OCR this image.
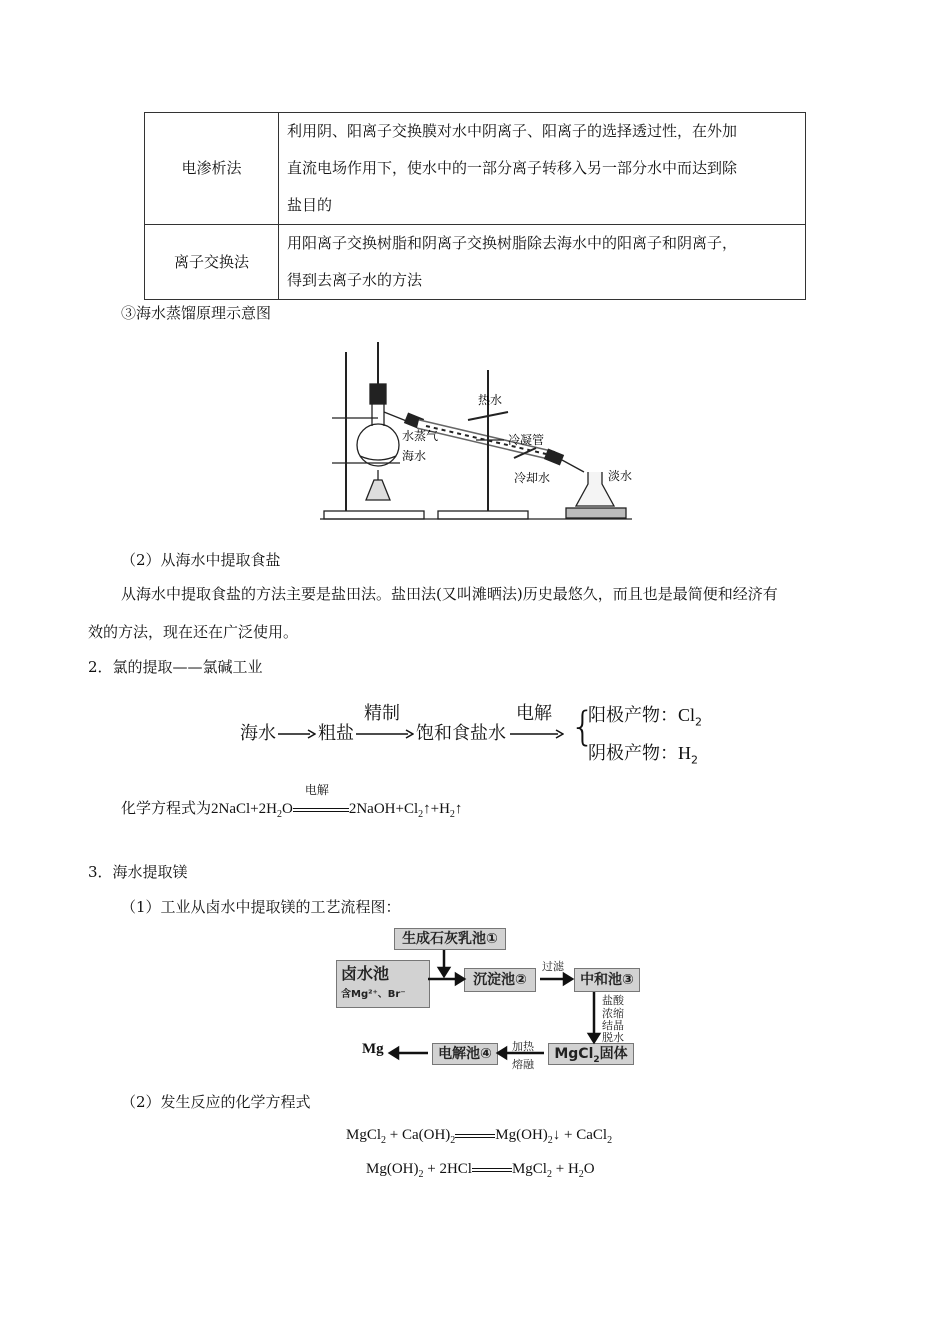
电渗析法	利用阴、阳离子交换膜对水中阴离子、阳离子的选择透过性，在外加
直流电场作用下，使水中的一部分离子转移入另一部分水中而达到除
盐目的

离子交换法	用阳离子交换树脂和阴离子交换树脂除去海水中的阳离子和阴离子，
得到去离子水的方法
③海水蒸馏原理示意图
热水
冷凝管
水蒸气
海水
冷却水	淡水
（2）从海水中提取食盐
从海水中提取食盐的方法主要是盐田法。盐田法(又叫滩晒法)历史最悠久，而且也是最简便和经济有
效的方法，现在还在广泛使用。
2．氯的提取——氯碱工业
海水 粗盐
精制
饱和食盐水
电解 {
阳极产物：$Cl_2$
阴极产物：$H_2$
化学方程式为$2NaCl+2H_2O$
电解
$2NaOH+Cl_2↑+H_2↑$
3．海水提取镁
（1）工业从卤水中提取镁的工艺流程图：
生成石灰乳池①
卤水池
含Mg²⁺、Br⁻
沉淀池②	中和池③
MgCl$_2$固体
电解池④
Mg
过滤
盐酸
浓缩
结晶
脱水
加热
熔融
（2）发生反应的化学方程式
MgCl$_2$ + $Ca(OH)_2$	$Mg(OH)_2↓$ + CaCl$_2$
$Mg(OH)_2 + 2HCl$	MgCl$_2$ + $H_2O$
